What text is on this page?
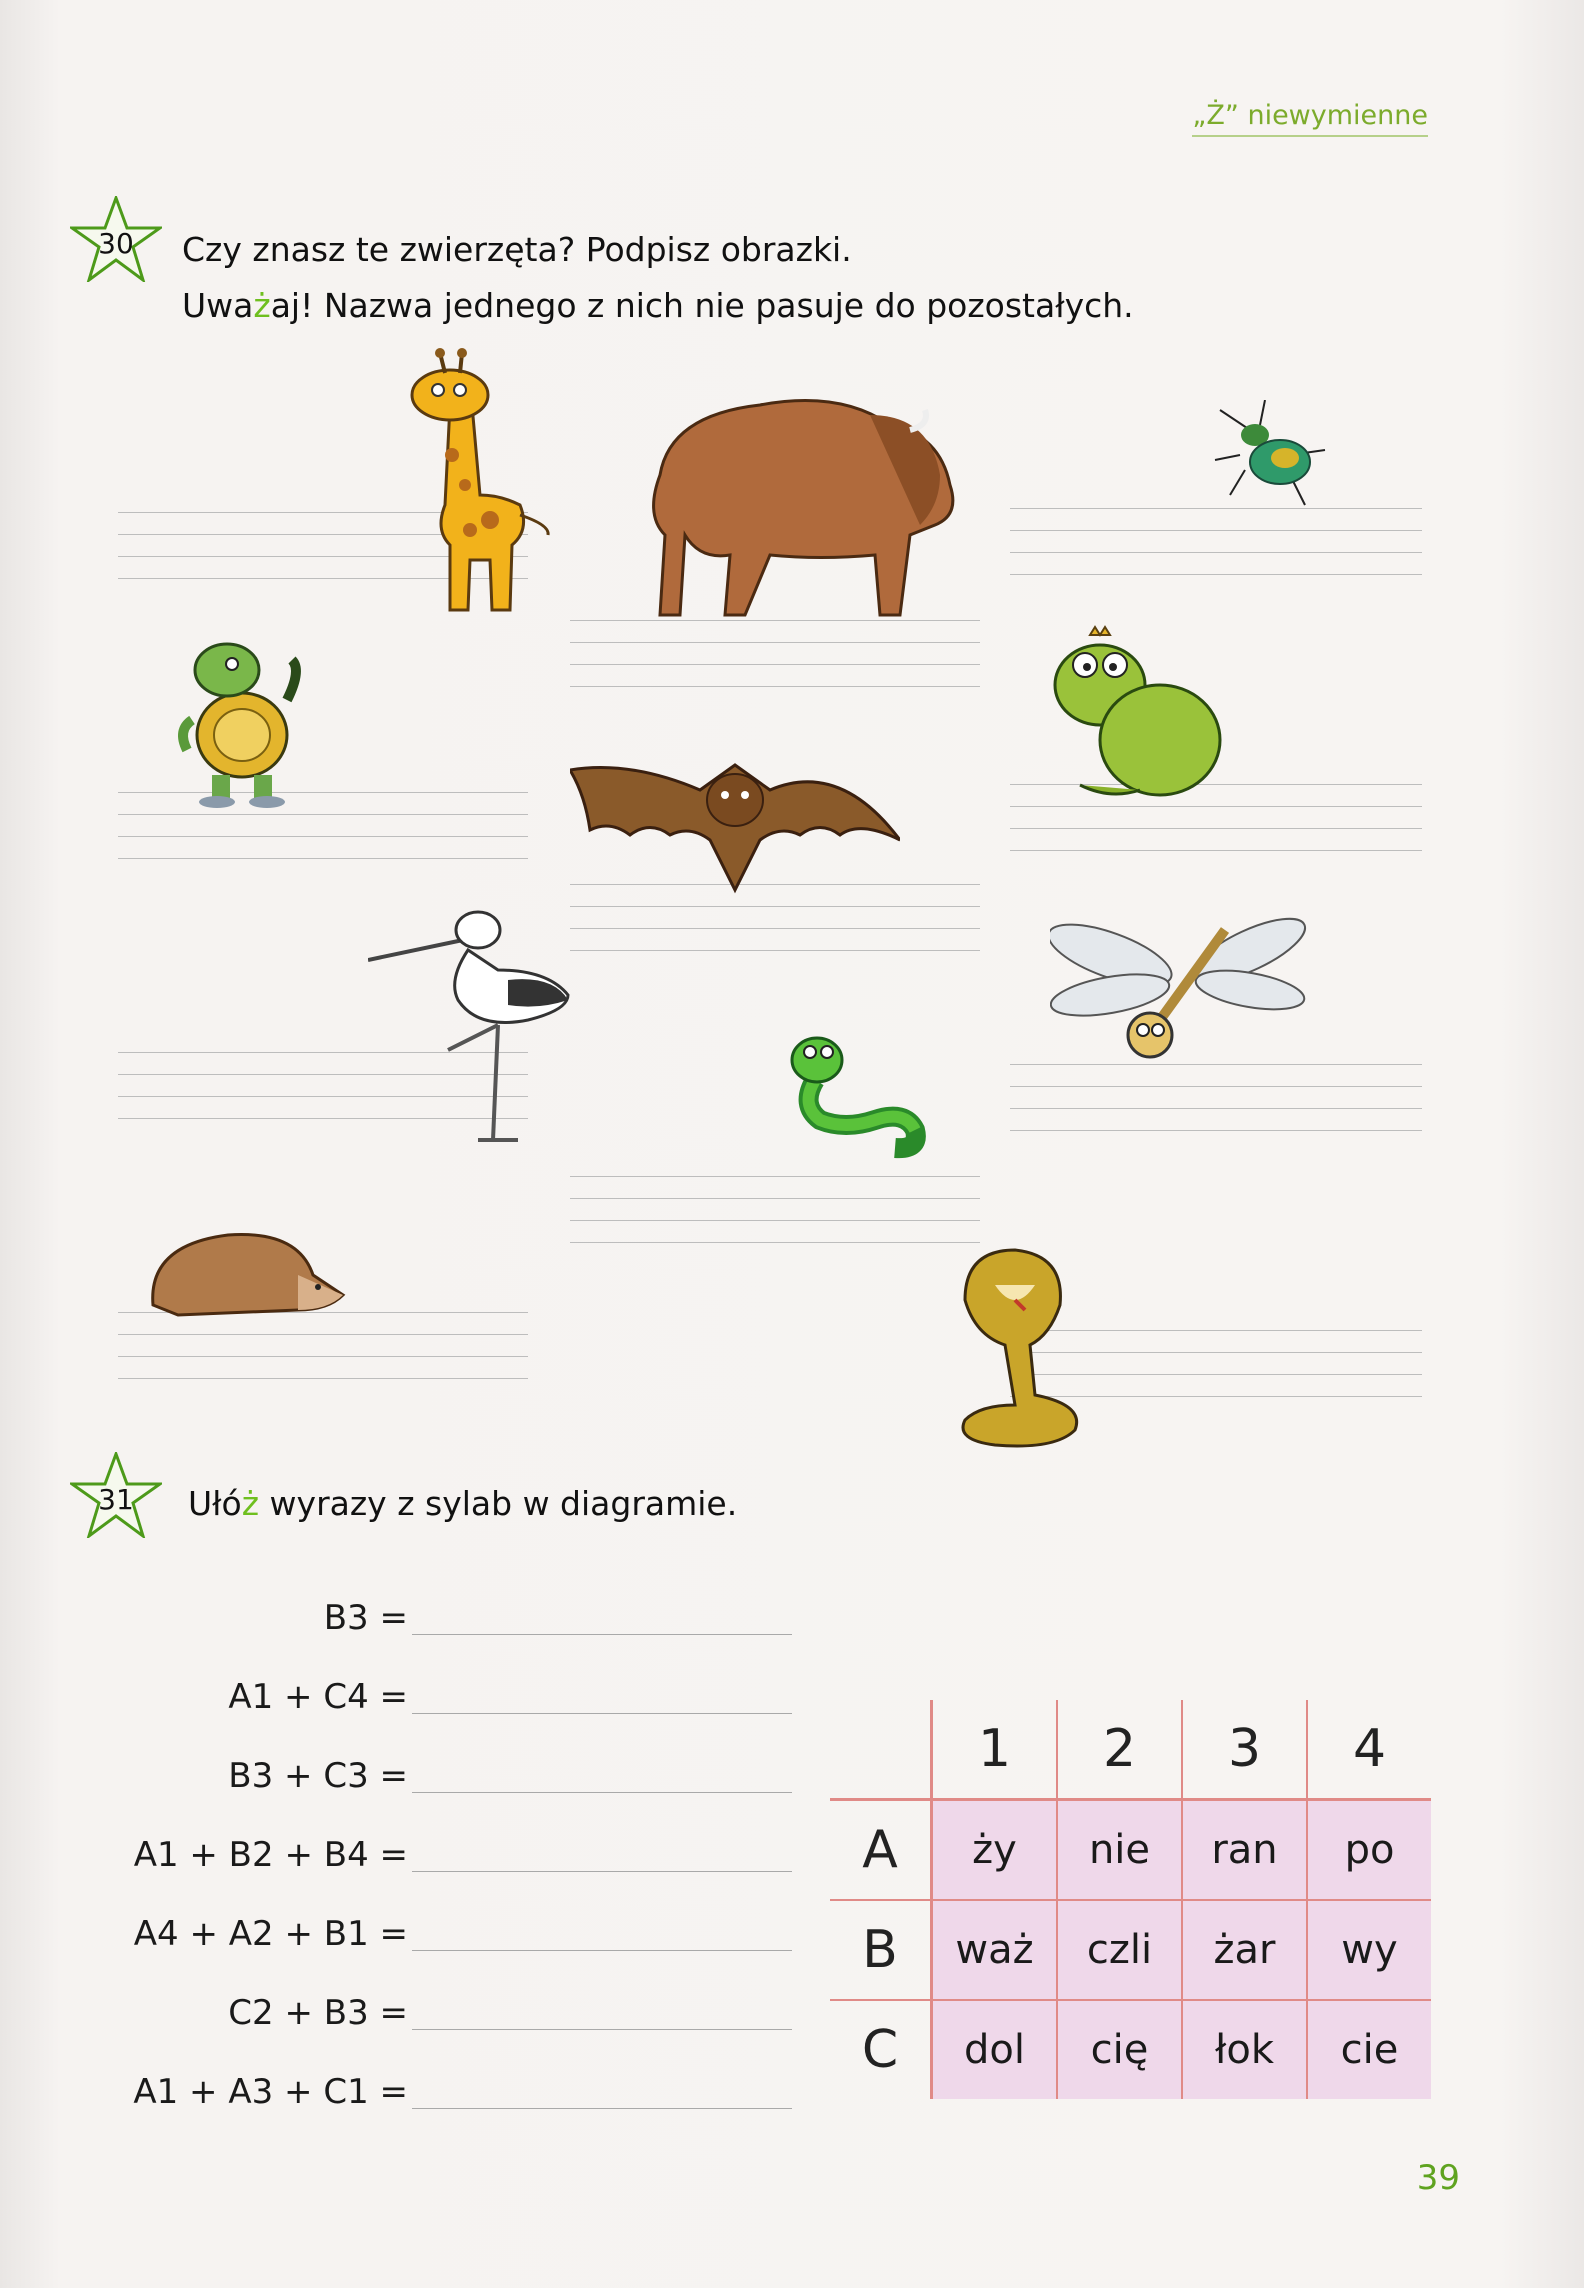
„Ż” niewymienne
30	Czy znasz te zwierzęta? Podpisz obrazki.
Uważaj! Nazwa jednego z nich nie pasuje do pozostałych.
31	Ułóż wyrazy z sylab w diagramie.
B3 =
A1 + C4 =
B3 + C3 =
A1 + B2 + B4 =
A4 + A2 + B1 =
C2 + B3 =
A1 + A3 + C1 =
	1	2	3	4
A	ży	nie	ran	po
B	waż	czli	żar	wy
C	dol	cię	łok	cie
39
